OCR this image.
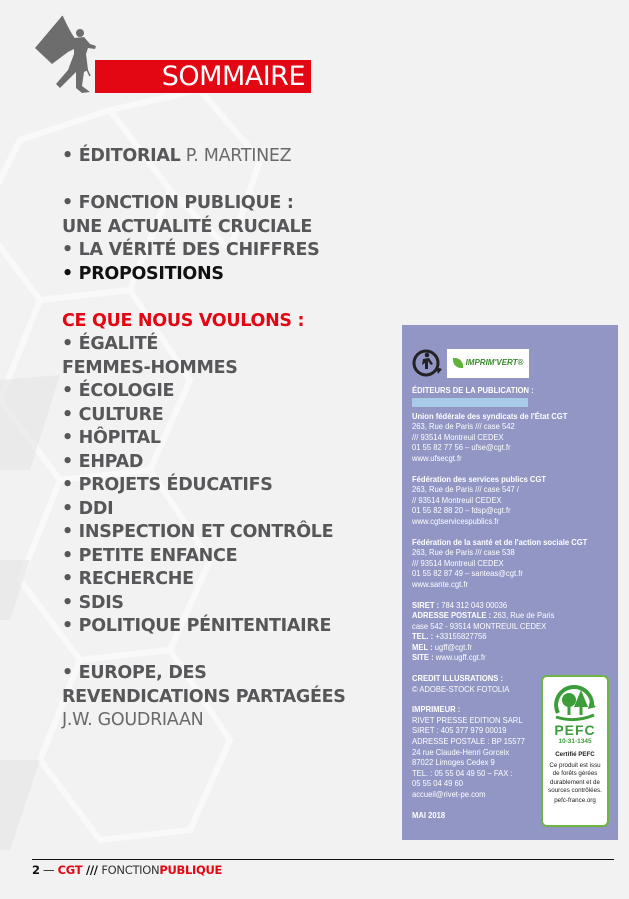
SOMMAIRE
• ÉDITORIAL P. MARTINEZ
• FONCTION PUBLIQUE :
UNE ACTUALITÉ CRUCIALE
• LA VÉRITÉ DES CHIFFRES
• PROPOSITIONS
CE QUE NOUS VOULONS :
• ÉGALITÉ
FEMMES-HOMMES
• ÉCOLOGIE
• CULTURE
• HÔPITAL
• EHPAD
• PROJETS ÉDUCATIFS
• DDI
• INSPECTION ET CONTRÔLE
• PETITE ENFANCE
• RECHERCHE
• SDIS
• POLITIQUE PÉNITENTIAIRE
• EUROPE, DES
REVENDICATIONS PARTAGÉES
J.W. GOUDRIAAN
IMPRIM'VERT®
ÉDITEURS DE LA PUBLICATION :
Union fédérale des syndicats de l'État CGT
263, Rue de Paris /// case 542
/// 93514 Montreuil CEDEX
01 55 82 77 56 – ufse@cgt.fr
www.ufsecgt.fr
Fédération des services publics CGT
263, Rue de Paris /// case 547 /
// 93514 Montreuil CEDEX
01 55 82 88 20 – fdsp@cgt.fr
www.cgtservicespublics.fr
Fédération de la santé et de l'action sociale CGT
263, Rue de Paris /// case 538
/// 93514 Montreuil CEDEX
01 55 82 87 49 – santeas@cgt.fr
www.sante.cgt.fr
SIRET : 784 312 043 00036
ADRESSE POSTALE : 263, Rue de Paris
case 542 - 93514 MONTREUIL CEDEX
TEL. : +33155827756
MEL : ugff@cgt.fr
SITE : www.ugff.cgt.fr
CREDIT ILLUSRATIONS :
© ADOBE-STOCK FOTOLIA
IMPRIMEUR :
RIVET PRESSE EDITION SARL
SIRET : 405 377 979 00019
ADRESSE POSTALE : BP 15577
24 rue Claude-Henri Gorceix
87022 Limoges Cedex 9
TEL. : 05 55 04 49 50 – FAX :
05 55 04 49 60
accueil@rivet-pe.com
MAI 2018
PEFC
10-31-1345
Certifié PEFC
Ce produit est issu
de forêts gérées
durablement et de
sources contrôlées.
pefc-france.org
2 — CGT /// FONCTIONPUBLIQUE
